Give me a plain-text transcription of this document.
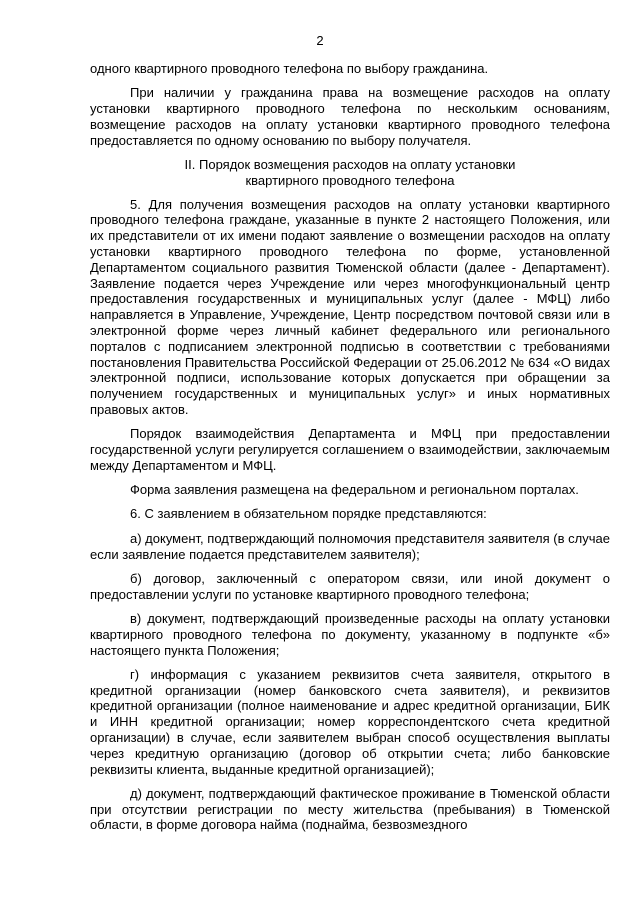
2

одного квартирного проводного телефона по выбору гражданина.

При наличии у гражданина права на возмещение расходов на оплату установки квартирного проводного телефона по нескольким основаниям, возмещение расходов на оплату установки квартирного проводного телефона предоставляется по одному основанию по выбору получателя.

II. Порядок возмещения расходов на оплату установки квартирного проводного телефона

5. Для получения возмещения расходов на оплату установки квартирного проводного телефона граждане, указанные в пункте 2 настоящего Положения, или их представители от их имени подают заявление о возмещении расходов на оплату установки квартирного проводного телефона по форме, установленной Департаментом социального развития Тюменской области (далее - Департамент). Заявление подается через Учреждение или через многофункциональный центр предоставления государственных и муниципальных услуг (далее - МФЦ) либо направляется в Управление, Учреждение, Центр посредством почтовой связи или в электронной форме через личный кабинет федерального или регионального порталов с подписанием электронной подписью в соответствии с требованиями постановления Правительства Российской Федерации от 25.06.2012 № 634 «О видах электронной подписи, использование которых допускается при обращении за получением государственных и муниципальных услуг» и иных нормативных правовых актов.

Порядок взаимодействия Департамента и МФЦ при предоставлении государственной услуги регулируется соглашением о взаимодействии, заключаемым между Департаментом и МФЦ.

Форма заявления размещена на федеральном и региональном порталах.

6. С заявлением в обязательном порядке представляются:

а) документ, подтверждающий полномочия представителя заявителя (в случае если заявление подается представителем заявителя);

б) договор, заключенный с оператором связи, или иной документ о предоставлении услуги по установке квартирного проводного телефона;

в) документ, подтверждающий произведенные расходы на оплату установки квартирного проводного телефона по документу, указанному в подпункте «б» настоящего пункта Положения;

г) информация с указанием реквизитов счета заявителя, открытого в кредитной организации (номер банковского счета заявителя), и реквизитов кредитной организации (полное наименование и адрес кредитной организации, БИК и ИНН кредитной организации; номер корреспондентского счета кредитной организации) в случае, если заявителем выбран способ осуществления выплаты через кредитную организацию (договор об открытии счета; либо банковские реквизиты клиента, выданные кредитной организацией);

д) документ, подтверждающий фактическое проживание в Тюменской области при отсутствии регистрации по месту жительства (пребывания) в Тюменской области, в форме договора найма (поднайма, безвозмездного
